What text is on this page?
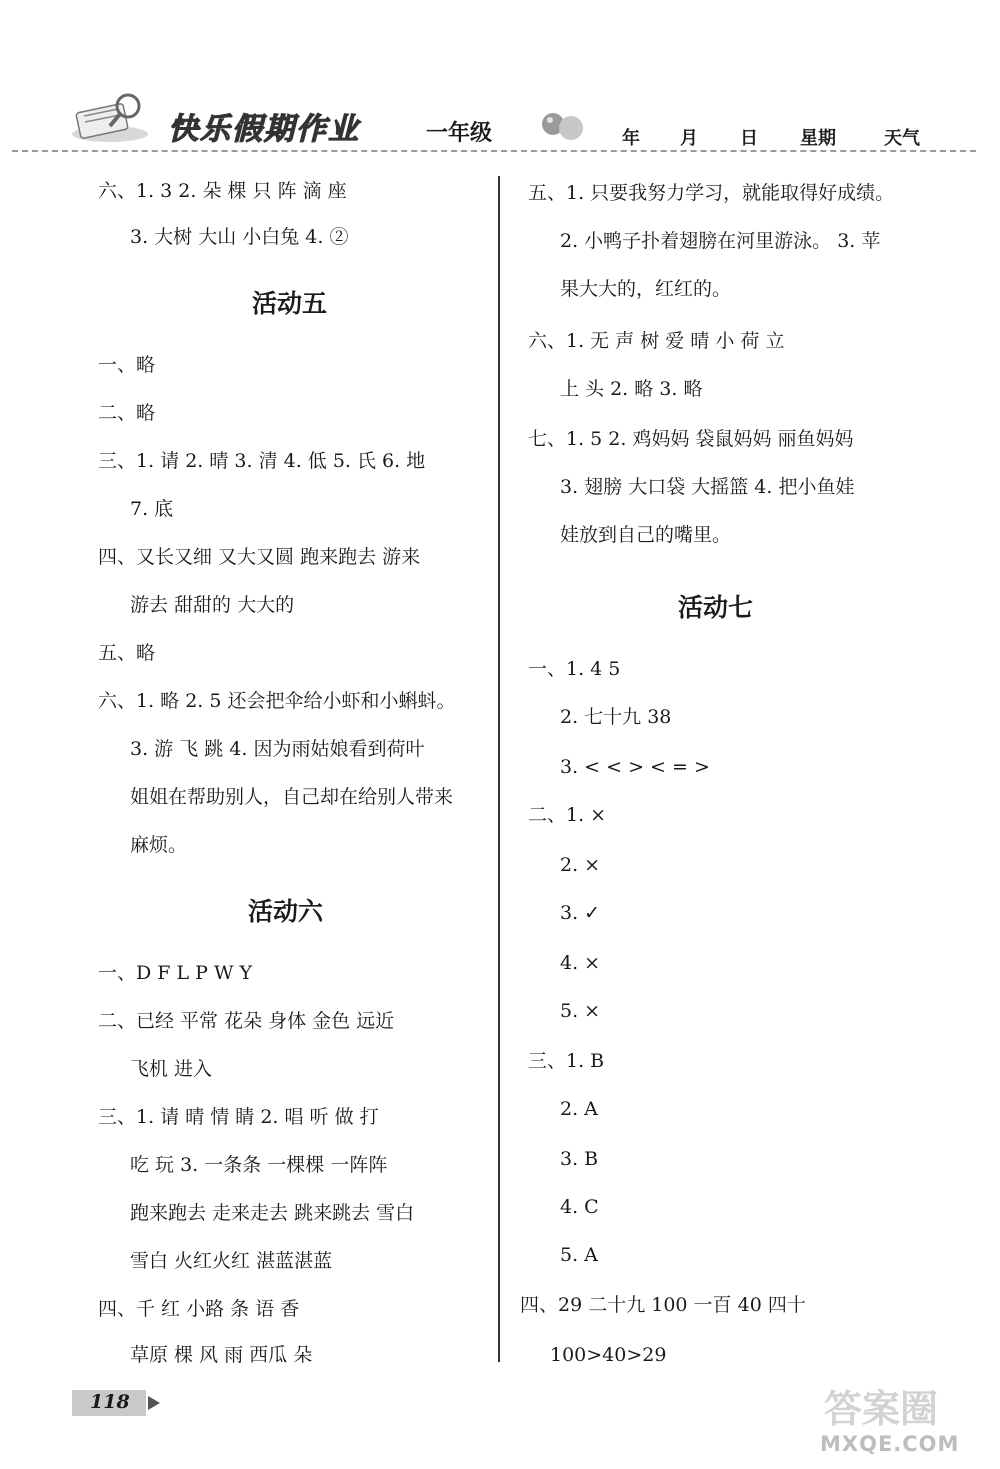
快乐假期作业	一年级	年 月 日 星期	天气
六、1. 3 2. 朵 棵 只 阵 滴 座
3. 大树 大山 小白兔 4. ②
活动五
一、略
二、略
三、1. 请 2. 晴 3. 清 4. 低 5. 氏 6. 地
7. 底
四、又长又细 又大又圆 跑来跑去 游来
游去 甜甜的 大大的
五、略
六、1. 略 2. 5 还会把伞给小虾和小蝌蚪。
3. 游 飞 跳 4. 因为雨姑娘看到荷叶
姐姐在帮助别人，自己却在给别人带来
麻烦。
活动六
一、D F L P W Y
二、已经 平常 花朵 身体 金色 远近
飞机 进入
三、1. 请 晴 情 睛 2. 唱 听 做 打
吃 玩 3. 一条条 一棵棵 一阵阵
跑来跑去 走来走去 跳来跳去 雪白
雪白 火红火红 湛蓝湛蓝
四、千 红 小路 条 语 香
草原 棵 风 雨 西瓜 朵
五、1. 只要我努力学习，就能取得好成绩。
2. 小鸭子扑着翅膀在河里游泳。 3. 苹
果大大的，红红的。
六、1. 无 声 树 爱 晴 小 荷 立
上 头 2. 略 3. 略
七、1. 5 2. 鸡妈妈 袋鼠妈妈 丽鱼妈妈
3. 翅膀 大口袋 大摇篮 4. 把小鱼娃
娃放到自己的嘴里。
活动七
一、1. 4 5
2. 七十九 38
3. < < > < = >
二、1. ×
2. ×
3. ✓
4. ×
5. ×
三、1. B
2. A
3. B
4. C
5. A
四、29 二十九 100 一百 40 四十
100>40>29
118	答案圈
MXQE.COM
